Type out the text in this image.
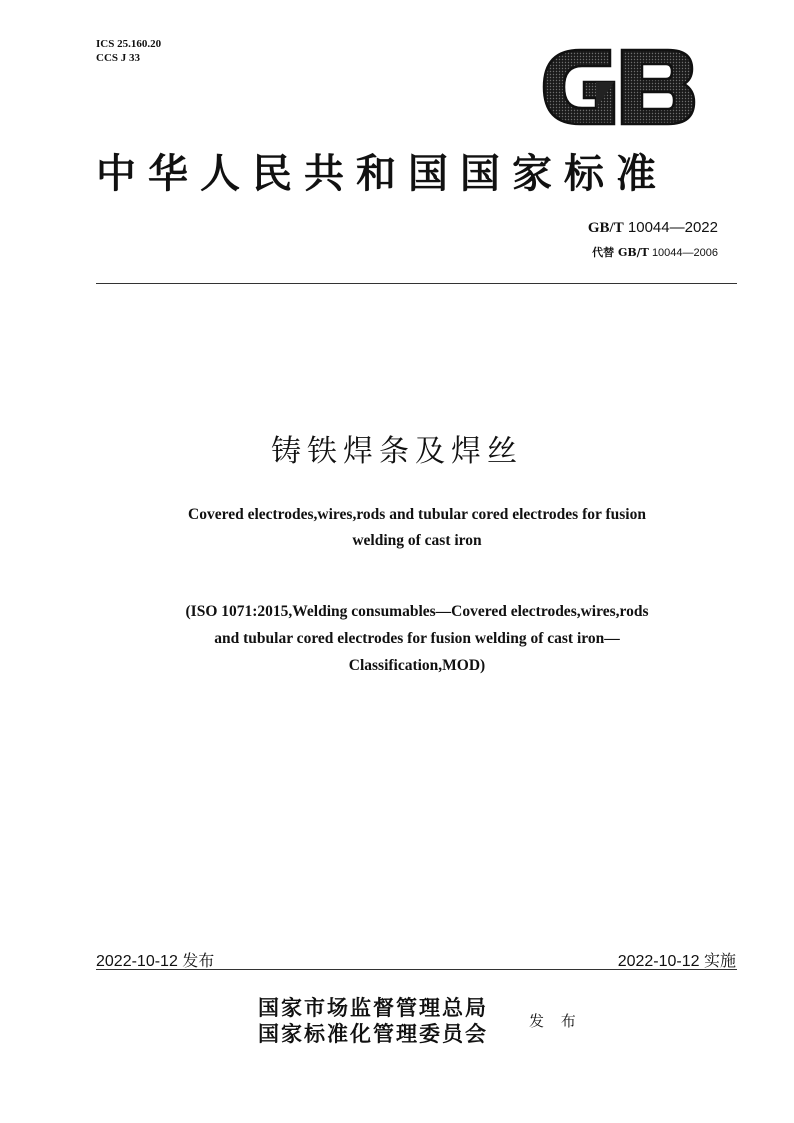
ICS 25.160.20
CCS J 33
中华人民共和国国家标准
GB/T 10044—2022
代替 GB/T 10044—2006
铸铁焊条及焊丝
Covered electrodes,wires,rods and tubular cored electrodes for fusion
welding of cast iron
(ISO 1071:2015,Welding consumables—Covered electrodes,wires,rods
and tubular cored electrodes for fusion welding of cast iron—
Classification,MOD)
2022-10-12 发布	2022-10-12 实施
国家市场监督管理总局
国家标准化管理委员会	发 布
